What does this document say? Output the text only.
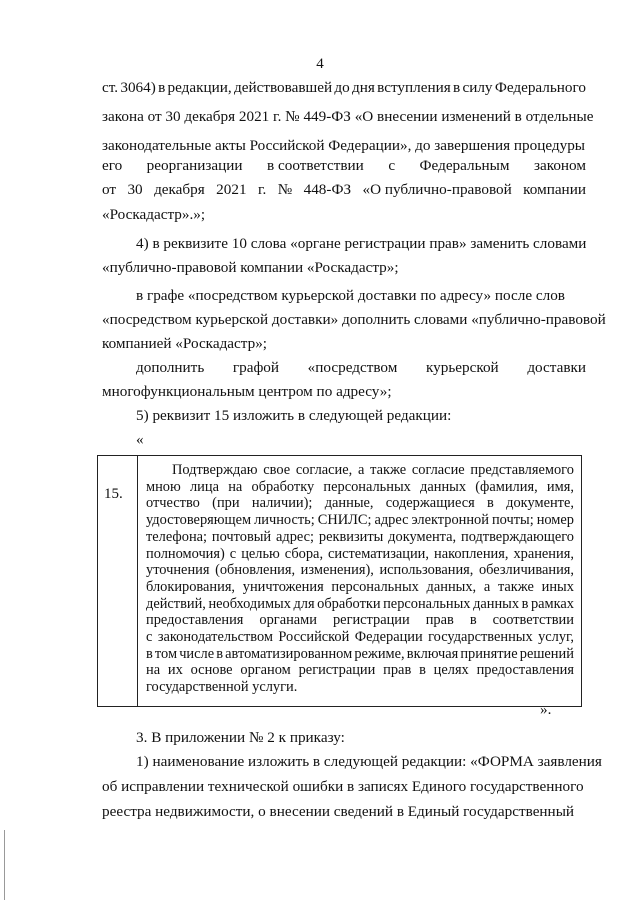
4
ст. 3064) в редакции, действовавшей до дня вступления в силу Федерального
закона от 30 декабря 2021 г. № 449-ФЗ «О внесении изменений в отдельные
законодательные акты Российской Федерации», до завершения процедуры
его реорганизации в соответствии с Федеральным законом
от 30 декабря 2021 г. № 448-ФЗ «О публично-правовой компании
«Роскадастр».»;
4) в реквизите 10 слова «органе регистрации прав» заменить словами
«публично-правовой компании «Роскадастр»;
в графе «посредством курьерской доставки по адресу» после слов
«посредством курьерской доставки» дополнить словами «публично-правовой
компанией «Роскадастр»;
дополнить графой «посредством курьерской доставки
многофункциональным центром по адресу»;
5) реквизит 15 изложить в следующей редакции:
«
15.
Подтверждаю свое согласие, а также согласие представляемого
мною лица на обработку персональных данных (фамилия, имя,
отчество (при наличии); данные, содержащиеся в документе,
удостоверяющем личность; СНИЛС; адрес электронной почты; номер
телефона; почтовый адрес; реквизиты документа, подтверждающего
полномочия) с целью сбора, систематизации, накопления, хранения,
уточнения (обновления, изменения), использования, обезличивания,
блокирования, уничтожения персональных данных, а также иных
действий, необходимых для обработки персональных данных в рамках
предоставления органами регистрации прав в соответствии
с законодательством Российской Федерации государственных услуг,
в том числе в автоматизированном режиме, включая принятие решений
на их основе органом регистрации прав в целях предоставления
государственной услуги.
».
3. В приложении № 2 к приказу:
1) наименование изложить в следующей редакции: «ФОРМА заявления
об исправлении технической ошибки в записях Единого государственного
реестра недвижимости, о внесении сведений в Единый государственный
